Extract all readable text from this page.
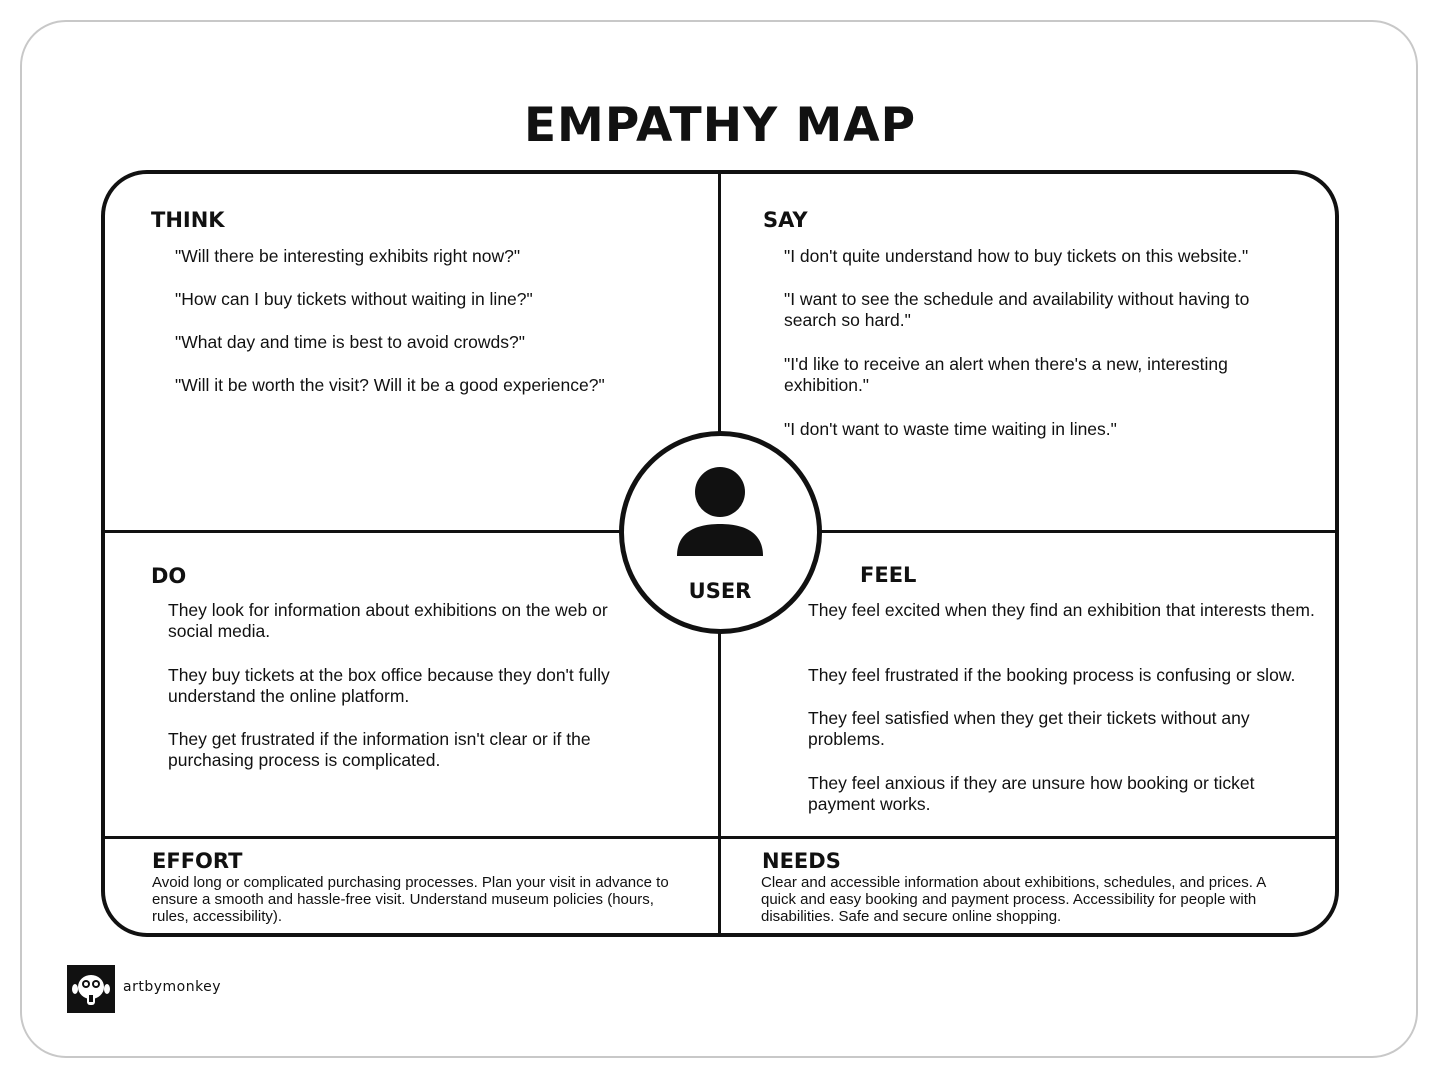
EMPATHY MAP
THINK

"Will there be interesting exhibits right now?"

"How can I buy tickets without waiting in line?"

"What day and time is best to avoid crowds?"

"Will it be worth the visit? Will it be a good experience?"

SAY

"I don't quite understand how to buy tickets on this website."

"I want to see the schedule and availability without having to search so hard."

"I'd like to receive an alert when there's a new, interesting exhibition."

"I don't want to waste time waiting in lines."

DO

They look for information about exhibitions on the web or social media.

They buy tickets at the box office because they don't fully understand the online platform.

They get frustrated if the information isn't clear or if the purchasing process is complicated.

FEEL

They feel excited when they find an exhibition that interests them.

They feel frustrated if the booking process is confusing or slow.

They feel satisfied when they get their tickets without any problems.

They feel anxious if they are unsure how booking or ticket payment works.

EFFORT

Avoid long or complicated purchasing processes. Plan your visit in advance to ensure a smooth and hassle-free visit. Understand museum policies (hours, rules, accessibility).

NEEDS

Clear and accessible information about exhibitions, schedules, and prices. A quick and easy booking and payment process. Accessibility for people with disabilities. Safe and secure online shopping.

USER
artbymonkey
